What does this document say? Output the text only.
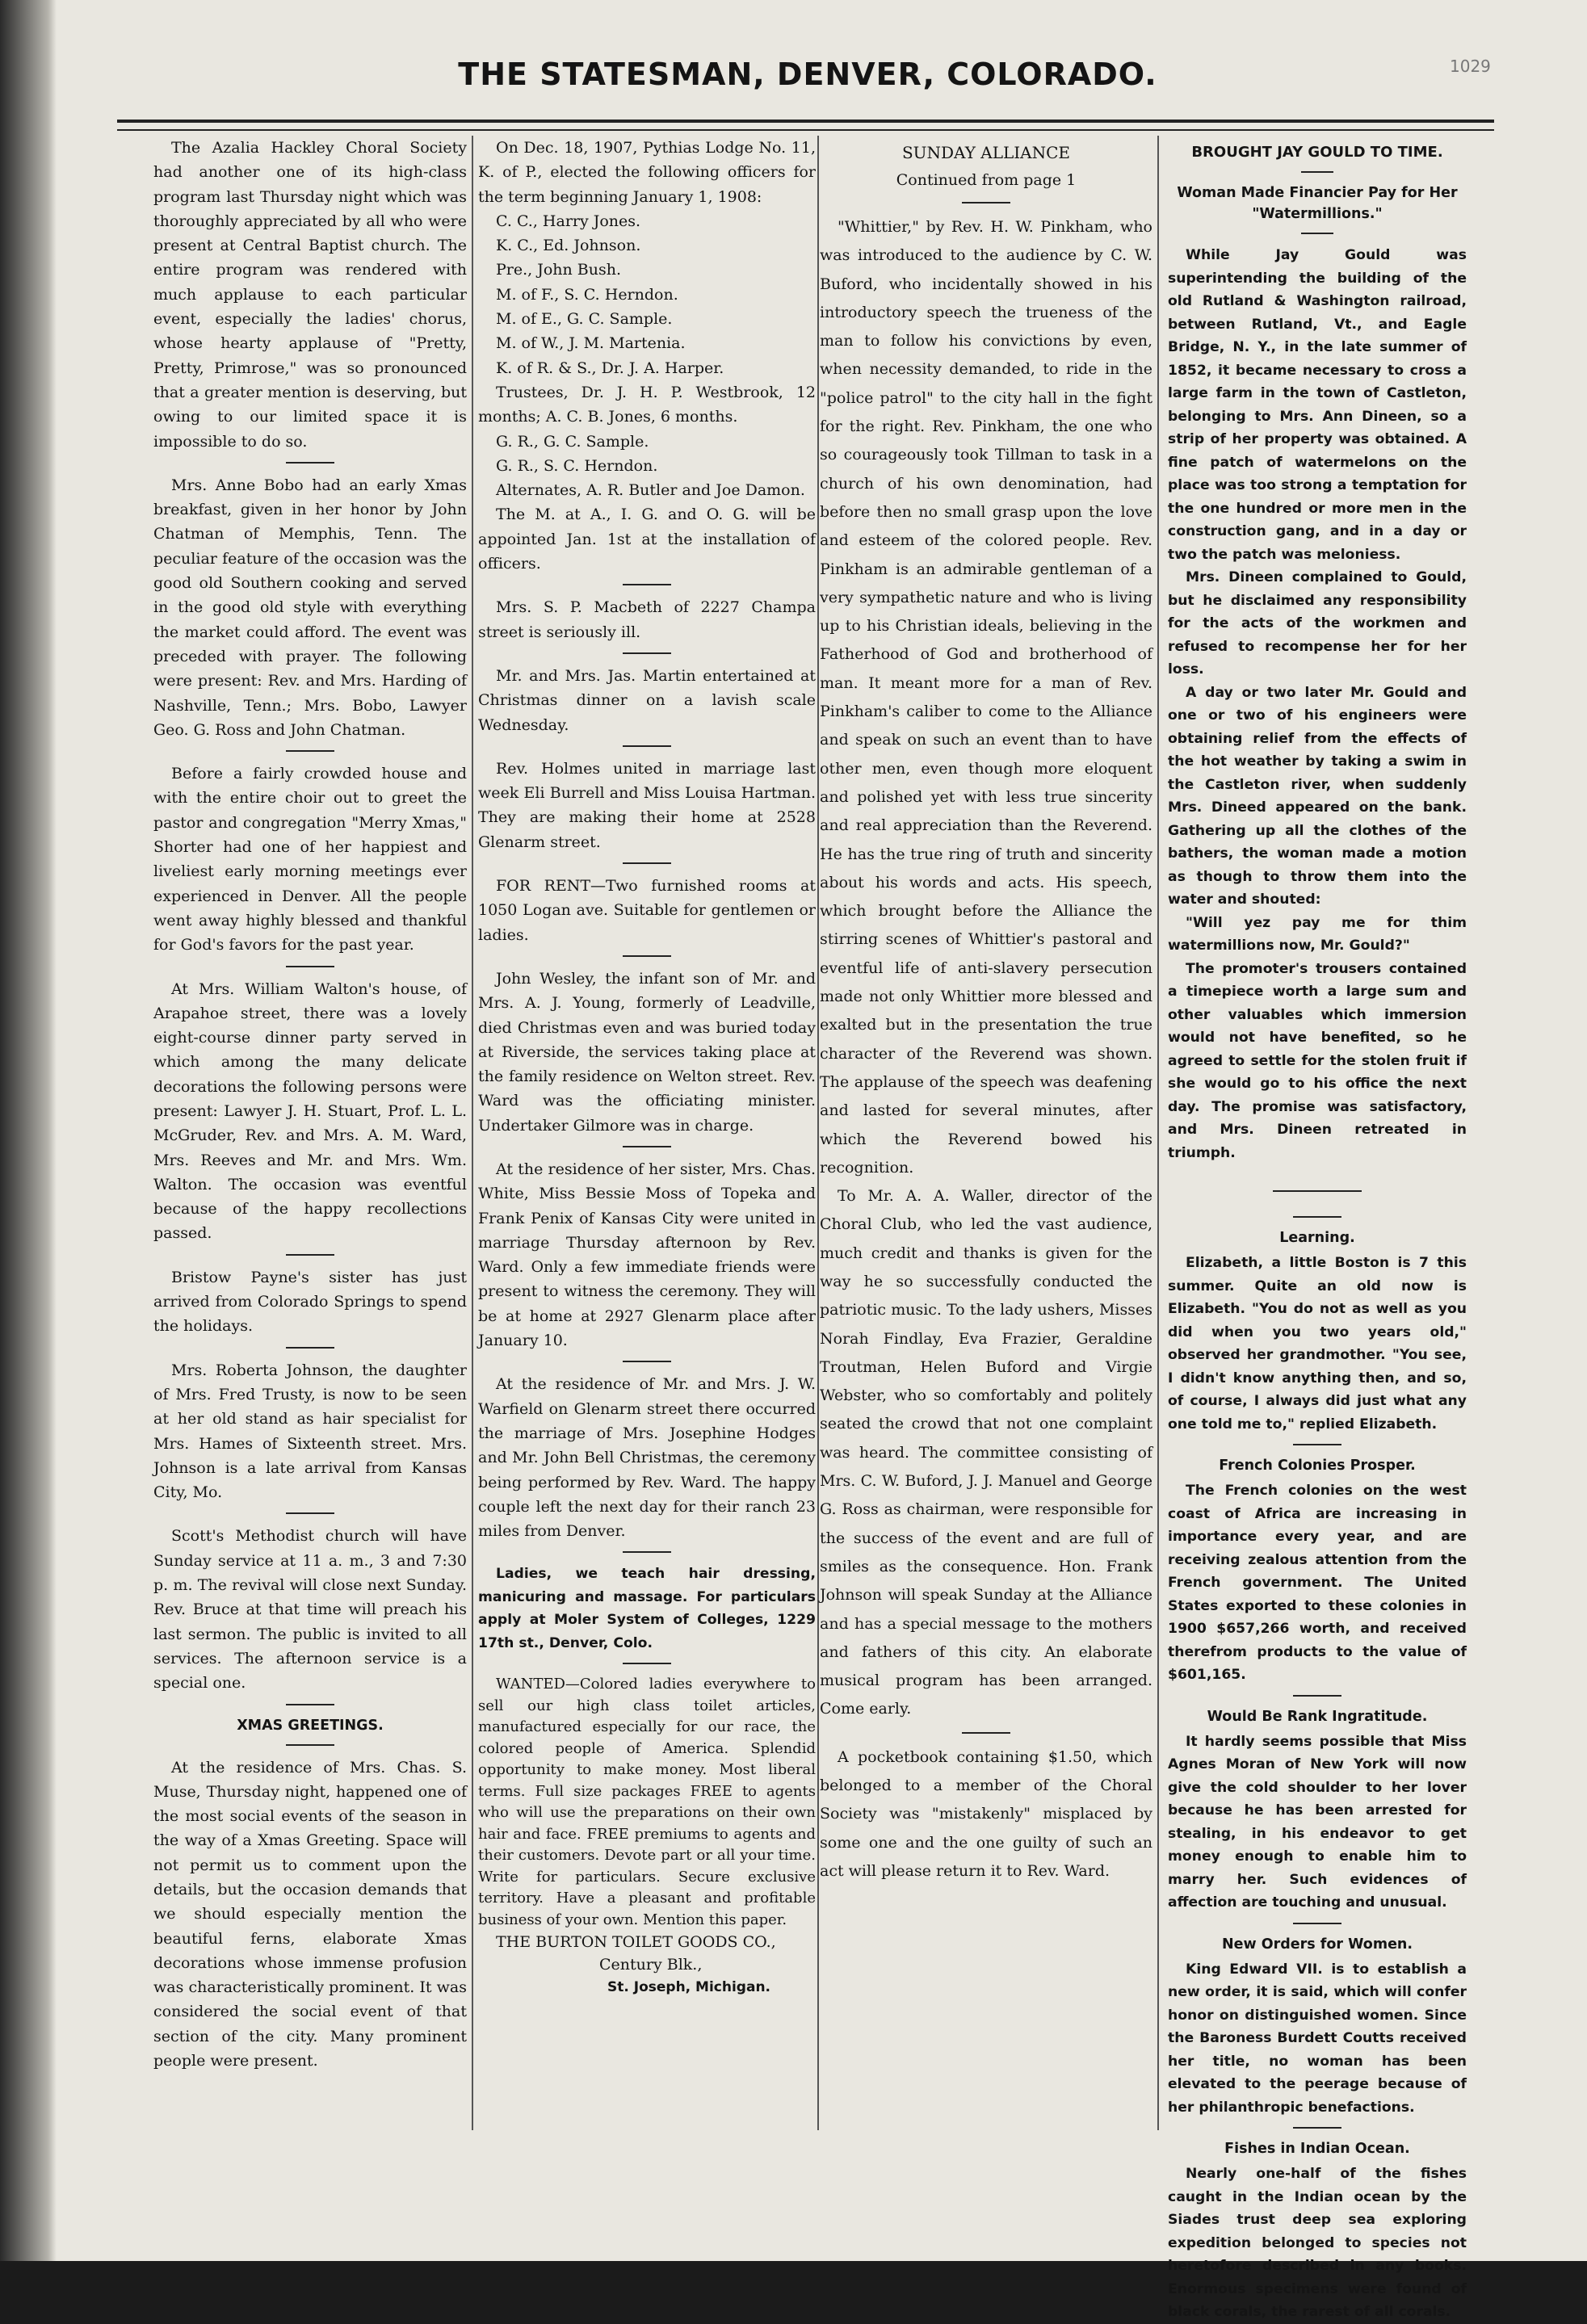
THE STATESMAN, DENVER, COLORADO.	1029

The Azalia Hackley Choral Society had another one of its high-class program last Thursday night which was thoroughly appreciated by all who were present at Central Baptist church. The entire program was rendered with much applause to each particular event, especially the ladies' chorus, whose hearty applause of "Pretty, Pretty, Primrose," was so pronounced that a greater mention is deserving, but owing to our limited space it is impossible to do so.

Mrs. Anne Bobo had an early Xmas breakfast, given in her honor by John Chatman of Memphis, Tenn. The peculiar feature of the occasion was the good old Southern cooking and served in the good old style with everything the market could afford. The event was preceded with prayer. The following were present: Rev. and Mrs. Harding of Nashville, Tenn.; Mrs. Bobo, Lawyer Geo. G. Ross and John Chatman.

Before a fairly crowded house and with the entire choir out to greet the pastor and congregation "Merry Xmas," Shorter had one of her happiest and liveliest early morning meetings ever experienced in Denver. All the people went away highly blessed and thankful for God's favors for the past year.

At Mrs. William Walton's house, of Arapahoe street, there was a lovely eight-course dinner party served in which among the many delicate decorations the following persons were present: Lawyer J. H. Stuart, Prof. L. L. McGruder, Rev. and Mrs. A. M. Ward, Mrs. Reeves and Mr. and Mrs. Wm. Walton. The occasion was eventful because of the happy recollections passed.

Bristow Payne's sister has just arrived from Colorado Springs to spend the holidays.

Mrs. Roberta Johnson, the daughter of Mrs. Fred Trusty, is now to be seen at her old stand as hair specialist for Mrs. Hames of Sixteenth street. Mrs. Johnson is a late arrival from Kansas City, Mo.

Scott's Methodist church will have Sunday service at 11 a. m., 3 and 7:30 p. m. The revival will close next Sunday. Rev. Bruce at that time will preach his last sermon. The public is invited to all services. The afternoon service is a special one.

XMAS GREETINGS.

At the residence of Mrs. Chas. S. Muse, Thursday night, happened one of the most social events of the season in the way of a Xmas Greeting. Space will not permit us to comment upon the details, but the occasion demands that we should especially mention the beautiful ferns, elaborate Xmas decorations whose immense profusion was characteristically prominent. It was considered the social event of that section of the city. Many prominent people were present.

On Dec. 18, 1907, Pythias Lodge No. 11, K. of P., elected the following officers for the term beginning January 1, 1908:

C. C., Harry Jones.

K. C., Ed. Johnson.

Pre., John Bush.

M. of F., S. C. Herndon.

M. of E., G. C. Sample.

M. of W., J. M. Martenia.

K. of R. & S., Dr. J. A. Harper.

Trustees, Dr. J. H. P. Westbrook, 12 months; A. C. B. Jones, 6 months.

G. R., G. C. Sample.

G. R., S. C. Herndon.

Alternates, A. R. Butler and Joe Damon.

The M. at A., I. G. and O. G. will be appointed Jan. 1st at the installation of officers.

Mrs. S. P. Macbeth of 2227 Champa street is seriously ill.

Mr. and Mrs. Jas. Martin entertained at Christmas dinner on a lavish scale Wednesday.

Rev. Holmes united in marriage last week Eli Burrell and Miss Louisa Hartman. They are making their home at 2528 Glenarm street.

FOR RENT—Two furnished rooms at 1050 Logan ave. Suitable for gentlemen or ladies.

John Wesley, the infant son of Mr. and Mrs. A. J. Young, formerly of Leadville, died Christmas even and was buried today at Riverside, the services taking place at the family residence on Welton street. Rev. Ward was the officiating minister. Undertaker Gilmore was in charge.

At the residence of her sister, Mrs. Chas. White, Miss Bessie Moss of Topeka and Frank Penix of Kansas City were united in marriage Thursday afternoon by Rev. Ward. Only a few immediate friends were present to witness the ceremony. They will be at home at 2927 Glenarm place after January 10.

At the residence of Mr. and Mrs. J. W. Warfield on Glenarm street there occurred the marriage of Mrs. Josephine Hodges and Mr. John Bell Christmas, the ceremony being performed by Rev. Ward. The happy couple left the next day for their ranch 23 miles from Denver.

Ladies, we teach hair dressing, manicuring and massage. For particulars apply at Moler System of Colleges, 1229 17th st., Denver, Colo.

WANTED—Colored ladies everywhere to sell our high class toilet articles, manufactured especially for our race, the colored people of America. Splendid opportunity to make money. Most liberal terms. Full size packages FREE to agents who will use the preparations on their own hair and face. FREE premiums to agents and their customers. Devote part or all your time. Write for particulars. Secure exclusive territory. Have a pleasant and profitable business of your own. Mention this paper.

THE BURTON TOILET GOODS CO.,

Century Blk.,

St. Joseph, Michigan.

SUNDAY ALLIANCE

Continued from page 1

"Whittier," by Rev. H. W. Pinkham, who was introduced to the audience by C. W. Buford, who incidentally showed in his introductory speech the trueness of the man to follow his convictions by even, when necessity demanded, to ride in the "police patrol" to the city hall in the fight for the right. Rev. Pinkham, the one who so courageously took Tillman to task in a church of his own denomination, had before then no small grasp upon the love and esteem of the colored people. Rev. Pinkham is an admirable gentleman of a very sympathetic nature and who is living up to his Christian ideals, believing in the Fatherhood of God and brotherhood of man. It meant more for a man of Rev. Pinkham's caliber to come to the Alliance and speak on such an event than to have other men, even though more eloquent and polished yet with less true sincerity and real appreciation than the Reverend. He has the true ring of truth and sincerity about his words and acts. His speech, which brought before the Alliance the stirring scenes of Whittier's pastoral and eventful life of anti-slavery persecution made not only Whittier more blessed and exalted but in the presentation the true character of the Reverend was shown. The applause of the speech was deafening and lasted for several minutes, after which the Reverend bowed his recognition.

To Mr. A. A. Waller, director of the Choral Club, who led the vast audience, much credit and thanks is given for the way he so successfully conducted the patriotic music. To the lady ushers, Misses Norah Findlay, Eva Frazier, Geraldine Troutman, Helen Buford and Virgie Webster, who so comfortably and politely seated the crowd that not one complaint was heard. The committee consisting of Mrs. C. W. Buford, J. J. Manuel and George G. Ross as chairman, were responsible for the success of the event and are full of smiles as the consequence. Hon. Frank Johnson will speak Sunday at the Alliance and has a special message to the mothers and fathers of this city. An elaborate musical program has been arranged. Come early.

A pocketbook containing $1.50, which belonged to a member of the Choral Society was "mistakenly" misplaced by some one and the one guilty of such an act will please return it to Rev. Ward.

BROUGHT JAY GOULD TO TIME.

Woman Made Financier Pay for Her "Watermillions."

While Jay Gould was superintending the building of the old Rutland & Washington railroad, between Rutland, Vt., and Eagle Bridge, N. Y., in the late summer of 1852, it became necessary to cross a large farm in the town of Castleton, belonging to Mrs. Ann Dineen, so a strip of her property was obtained. A fine patch of watermelons on the place was too strong a temptation for the one hundred or more men in the construction gang, and in a day or two the patch was meloniess.

Mrs. Dineen complained to Gould, but he disclaimed any responsibility for the acts of the workmen and refused to recompense her for her loss.

A day or two later Mr. Gould and one or two of his engineers were obtaining relief from the effects of the hot weather by taking a swim in the Castleton river, when suddenly Mrs. Dineed appeared on the bank. Gathering up all the clothes of the bathers, the woman made a motion as though to throw them into the water and shouted:

"Will yez pay me for thim watermillions now, Mr. Gould?"

The promoter's trousers contained a timepiece worth a large sum and other valuables which immersion would not have benefited, so he agreed to settle for the stolen fruit if she would go to his office the next day. The promise was satisfactory, and Mrs. Dineen retreated in triumph.

Learning.

Elizabeth, a little Boston is 7 this summer. Quite an old now is Elizabeth. "You do not as well as you did when you two years old," observed her grandmother. "You see, I didn't know anything then, and so, of course, I always did just what any one told me to," replied Elizabeth.

French Colonies Prosper.

The French colonies on the west coast of Africa are increasing in importance every year, and are receiving zealous attention from the French government. The United States exported to these colonies in 1900 $657,266 worth, and received therefrom products to the value of $601,165.

Would Be Rank Ingratitude.

It hardly seems possible that Miss Agnes Moran of New York will now give the cold shoulder to her lover because he has been arrested for stealing, in his endeavor to get money enough to enable him to marry her. Such evidences of affection are touching and unusual.

New Orders for Women.

King Edward VII. is to establish a new order, it is said, which will confer honor on distinguished women. Since the Baroness Burdett Coutts received her title, no woman has been elevated to the peerage because of her philanthropic benefactions.

Fishes in Indian Ocean.

Nearly one-half of the fishes caught in the Indian ocean by the Siades trust deep sea exploring expedition belonged to species not heretofore described in any books. Enormous specimens were found of black corals, the rarest of all corals.
